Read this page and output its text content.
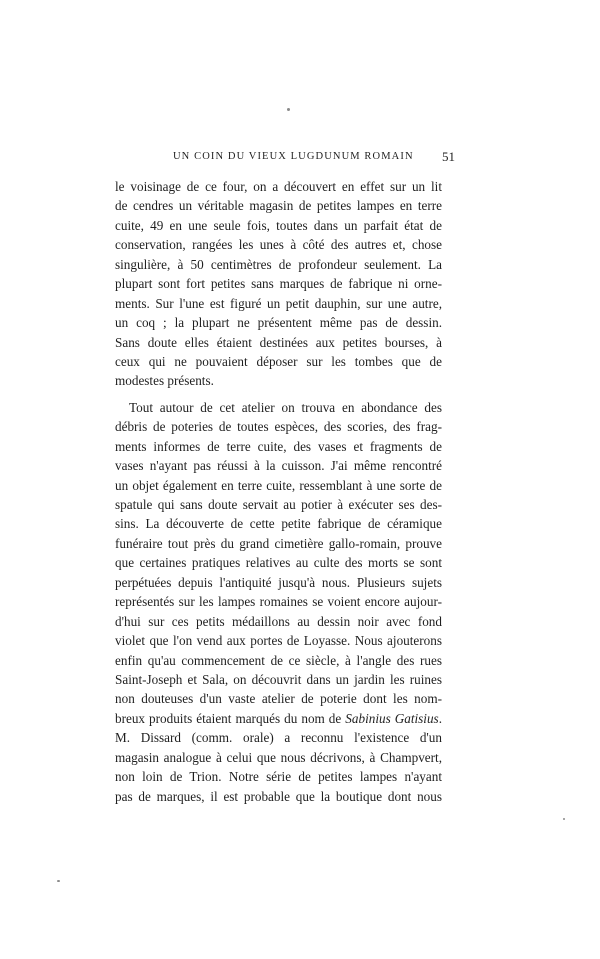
UN COIN DU VIEUX LUGDUNUM ROMAIN 51
le voisinage de ce four, on a découvert en effet sur un lit
de cendres un véritable magasin de petites lampes en terre
cuite, 49 en une seule fois, toutes dans un parfait état de
conservation, rangées les unes à côté des autres et, chose
singulière, à 50 centimètres de profondeur seulement. La
plupart sont fort petites sans marques de fabrique ni orne-
ments. Sur l'une est figuré un petit dauphin, sur une autre,
un coq ; la plupart ne présentent même pas de dessin.
Sans doute elles étaient destinées aux petites bourses, à
ceux qui ne pouvaient déposer sur les tombes que de
modestes présents.
Tout autour de cet atelier on trouva en abondance des
débris de poteries de toutes espèces, des scories, des frag-
ments informes de terre cuite, des vases et fragments de
vases n'ayant pas réussi à la cuisson. J'ai même rencontré
un objet également en terre cuite, ressemblant à une sorte de
spatule qui sans doute servait au potier à exécuter ses des-
sins. La découverte de cette petite fabrique de céramique
funéraire tout près du grand cimetière gallo-romain, prouve
que certaines pratiques relatives au culte des morts se sont
perpétuées depuis l'antiquité jusqu'à nous. Plusieurs sujets
représentés sur les lampes romaines se voient encore aujour-
d'hui sur ces petits médaillons au dessin noir avec fond
violet que l'on vend aux portes de Loyasse. Nous ajouterons
enfin qu'au commencement de ce siècle, à l'angle des rues
Saint-Joseph et Sala, on découvrit dans un jardin les ruines
non douteuses d'un vaste atelier de poterie dont les nom-
breux produits étaient marqués du nom de Sabinius Gatisius.
M. Dissard (comm. orale) a reconnu l'existence d'un
magasin analogue à celui que nous décrivons, à Champvert,
non loin de Trion. Notre série de petites lampes n'ayant
pas de marques, il est probable que la boutique dont nous
